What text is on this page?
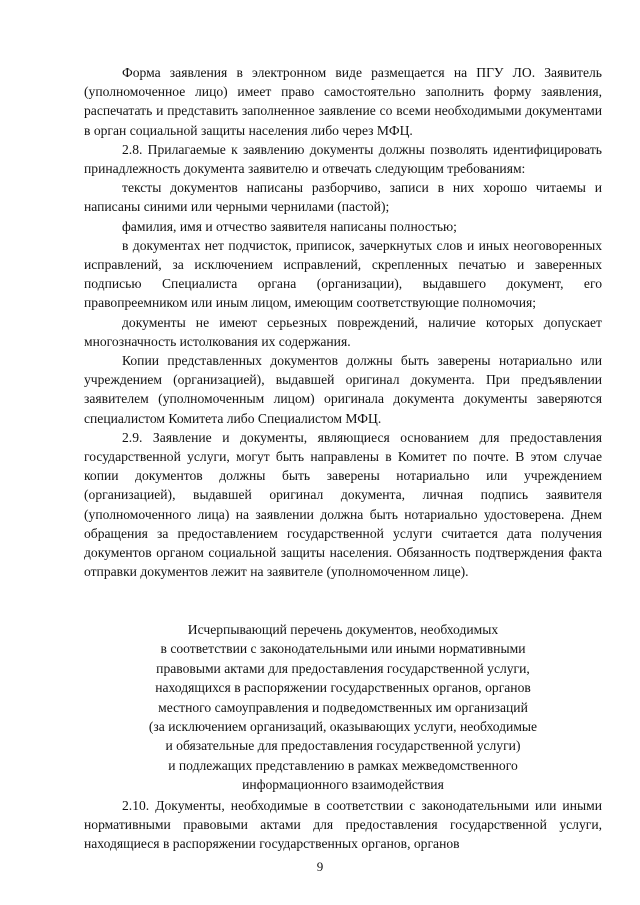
Форма заявления в электронном виде размещается на ПГУ ЛО. Заявитель (уполномоченное лицо) имеет право самостоятельно заполнить форму заявления, распечатать и представить заполненное заявление со всеми необходимыми документами в орган социальной защиты населения либо через МФЦ.

2.8. Прилагаемые к заявлению документы должны позволять идентифицировать принадлежность документа заявителю и отвечать следующим требованиям:

тексты документов написаны разборчиво, записи в них хорошо читаемы и написаны синими или черными чернилами (пастой);

фамилия, имя и отчество заявителя написаны полностью;

в документах нет подчисток, приписок, зачеркнутых слов и иных неоговоренных исправлений, за исключением исправлений, скрепленных печатью и заверенных подписью Специалиста органа (организации), выдавшего документ, его правопреемником или иным лицом, имеющим соответствующие полномочия;

документы не имеют серьезных повреждений, наличие которых допускает многозначность истолкования их содержания.

Копии представленных документов должны быть заверены нотариально или учреждением (организацией), выдавшей оригинал документа. При предъявлении заявителем (уполномоченным лицом) оригинала документа документы заверяются специалистом Комитета либо Специалистом МФЦ.

2.9. Заявление и документы, являющиеся основанием для предоставления государственной услуги, могут быть направлены в Комитет по почте. В этом случае копии документов должны быть заверены нотариально или учреждением (организацией), выдавшей оригинал документа, личная подпись заявителя (уполномоченного лица) на заявлении должна быть нотариально удостоверена. Днем обращения за предоставлением государственной услуги считается дата получения документов органом социальной защиты населения. Обязанность подтверждения факта отправки документов лежит на заявителе (уполномоченном лице).

Исчерпывающий перечень документов, необходимых
в соответствии с законодательными или иными нормативными
правовыми актами для предоставления государственной услуги,
находящихся в распоряжении государственных органов, органов
местного самоуправления и подведомственных им организаций
(за исключением организаций, оказывающих услуги, необходимые
и обязательные для предоставления государственной услуги)
и подлежащих представлению в рамках межведомственного
информационного взаимодействия

2.10. Документы, необходимые в соответствии с законодательными или иными нормативными правовыми актами для предоставления государственной услуги, находящиеся в распоряжении государственных органов, органов

9
